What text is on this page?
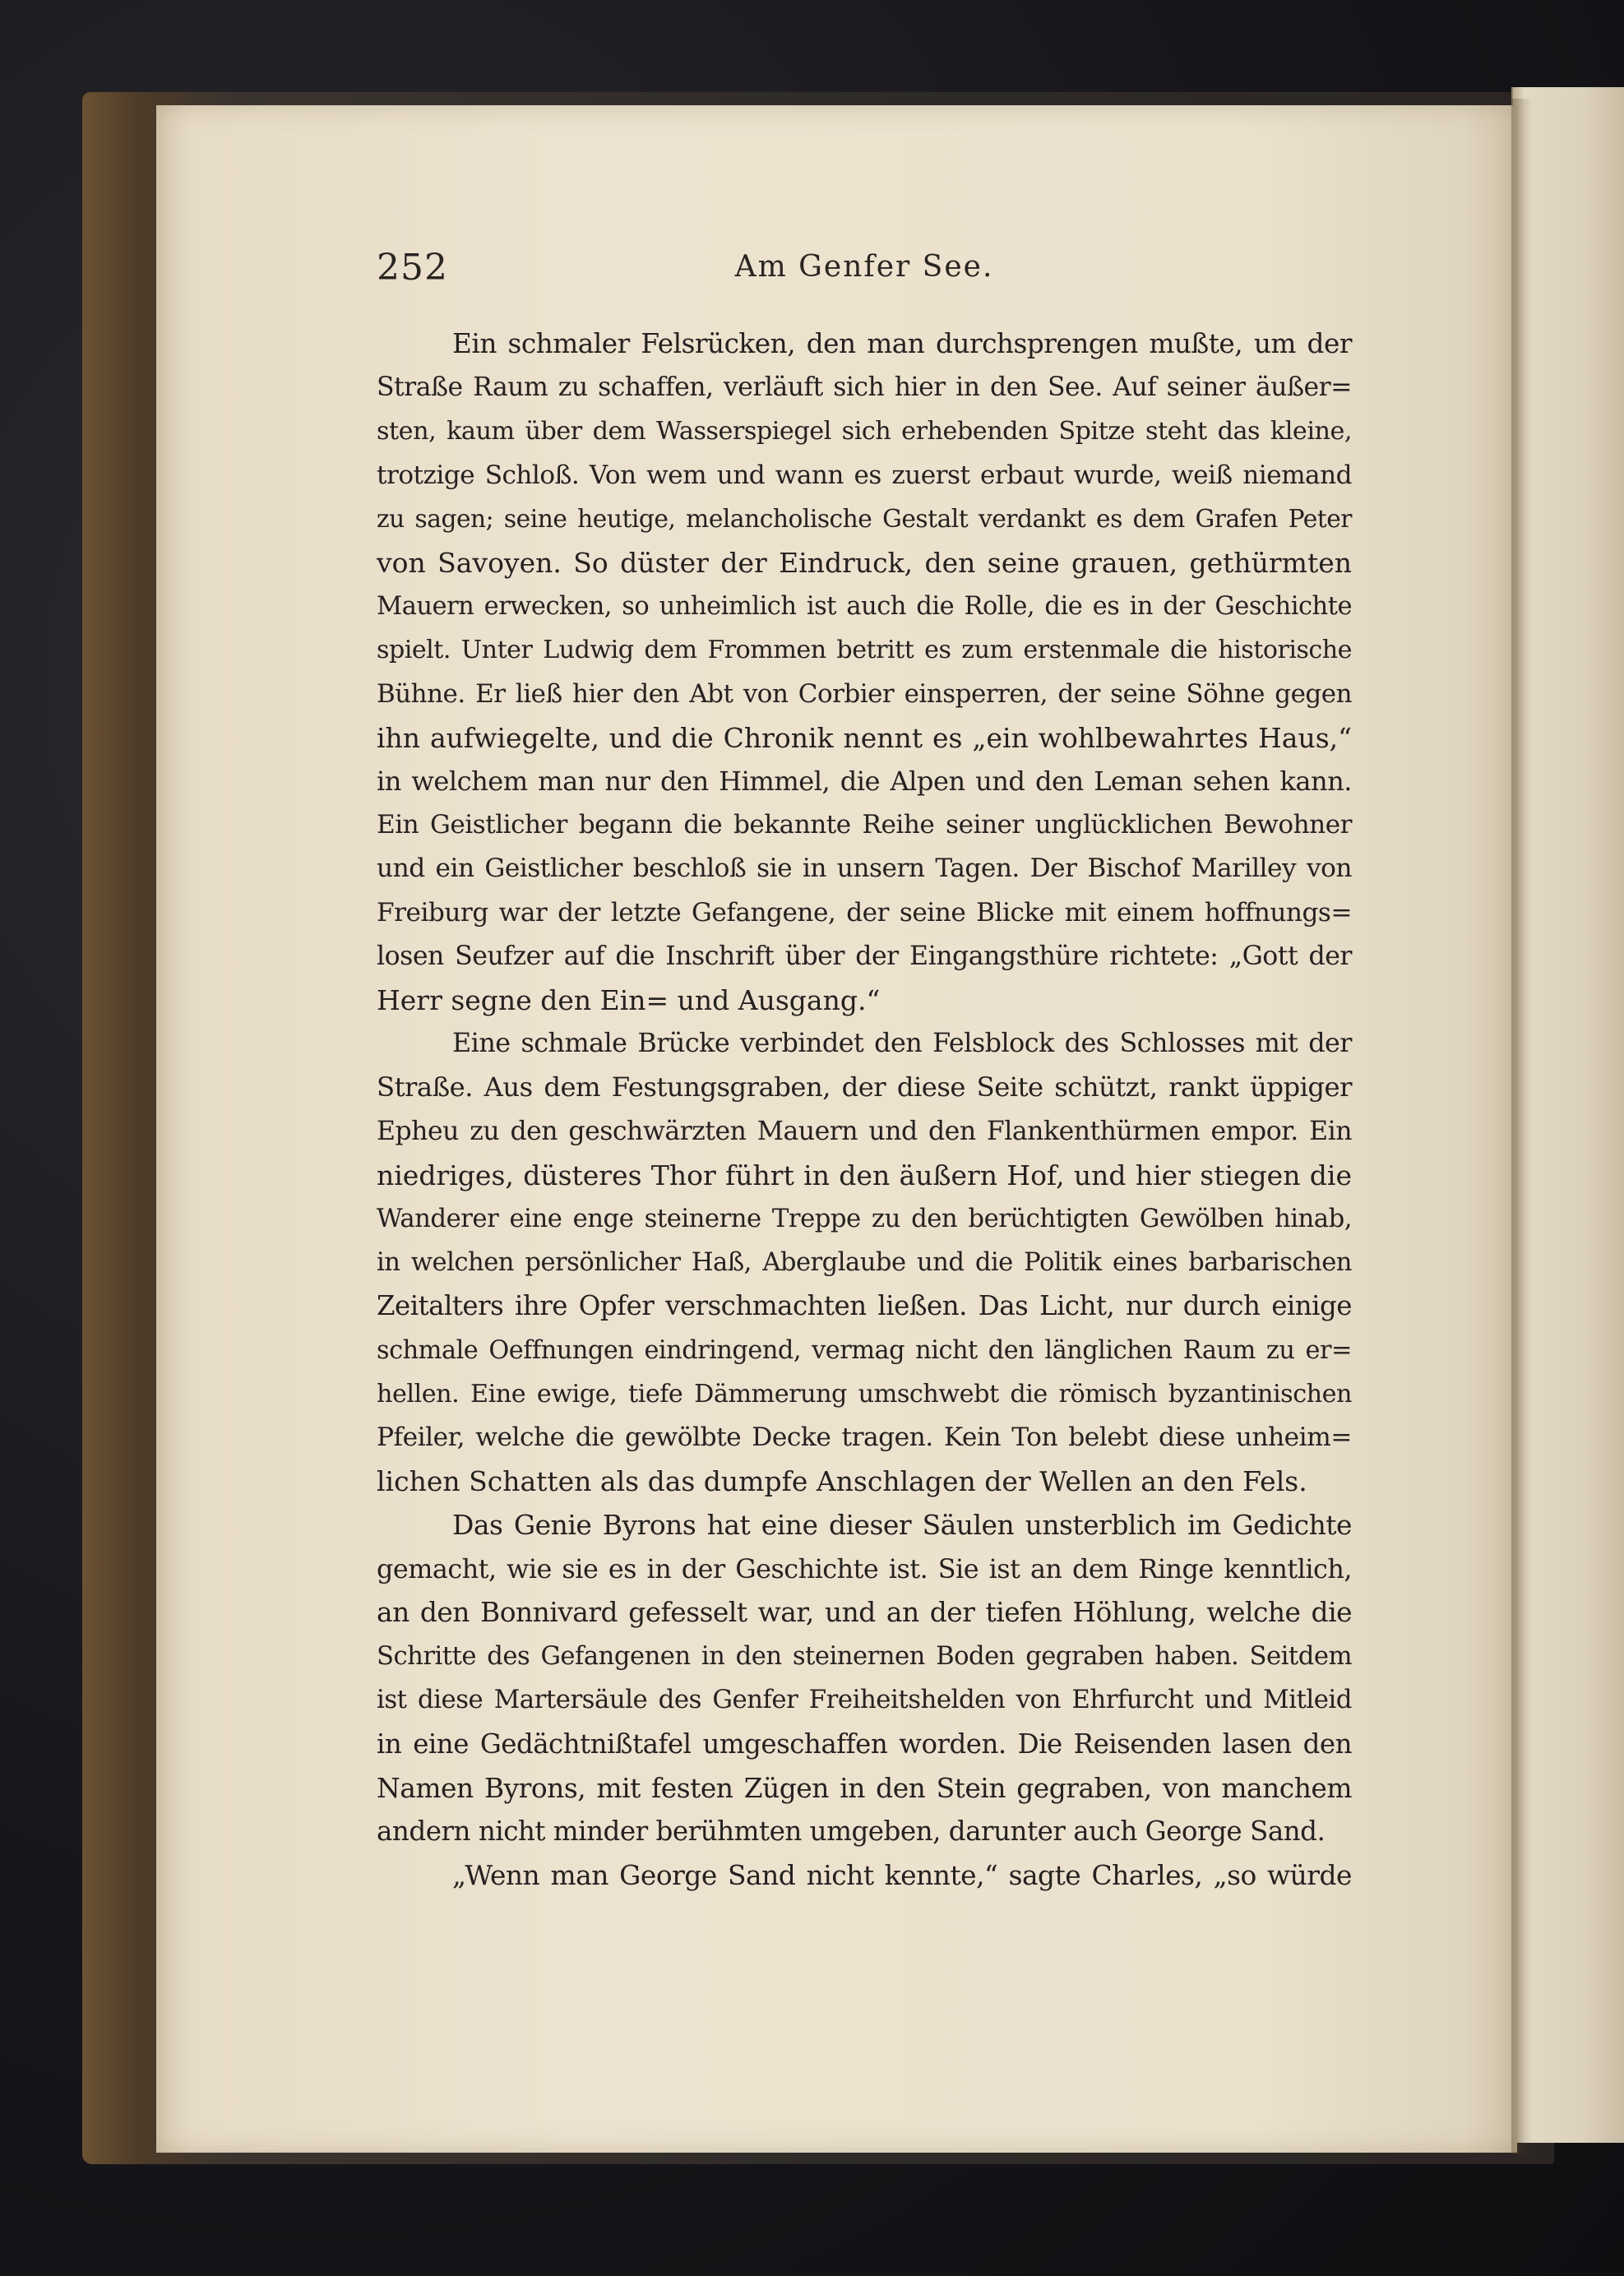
252	Am Genfer See.
Ein schmaler Felsrücken, den man durchsprengen mußte, um der
Straße Raum zu schaffen, verläuft sich hier in den See. Auf seiner äußer=
sten, kaum über dem Wasserspiegel sich erhebenden Spitze steht das kleine,
trotzige Schloß. Von wem und wann es zuerst erbaut wurde, weiß niemand
zu sagen; seine heutige, melancholische Gestalt verdankt es dem Grafen Peter
von Savoyen. So düster der Eindruck, den seine grauen, gethürmten
Mauern erwecken, so unheimlich ist auch die Rolle, die es in der Geschichte
spielt. Unter Ludwig dem Frommen betritt es zum erstenmale die historische
Bühne. Er ließ hier den Abt von Corbier einsperren, der seine Söhne gegen
ihn aufwiegelte, und die Chronik nennt es „ein wohlbewahrtes Haus,“
in welchem man nur den Himmel, die Alpen und den Leman sehen kann.
Ein Geistlicher begann die bekannte Reihe seiner unglücklichen Bewohner
und ein Geistlicher beschloß sie in unsern Tagen. Der Bischof Marilley von
Freiburg war der letzte Gefangene, der seine Blicke mit einem hoffnungs=
losen Seufzer auf die Inschrift über der Eingangsthüre richtete: „Gott der
Herr segne den Ein= und Ausgang.“
Eine schmale Brücke verbindet den Felsblock des Schlosses mit der
Straße. Aus dem Festungsgraben, der diese Seite schützt, rankt üppiger
Epheu zu den geschwärzten Mauern und den Flankenthürmen empor. Ein
niedriges, düsteres Thor führt in den äußern Hof, und hier stiegen die
Wanderer eine enge steinerne Treppe zu den berüchtigten Gewölben hinab,
in welchen persönlicher Haß, Aberglaube und die Politik eines barbarischen
Zeitalters ihre Opfer verschmachten ließen. Das Licht, nur durch einige
schmale Oeffnungen eindringend, vermag nicht den länglichen Raum zu er=
hellen. Eine ewige, tiefe Dämmerung umschwebt die römisch byzantinischen
Pfeiler, welche die gewölbte Decke tragen. Kein Ton belebt diese unheim=
lichen Schatten als das dumpfe Anschlagen der Wellen an den Fels.
Das Genie Byrons hat eine dieser Säulen unsterblich im Gedichte
gemacht, wie sie es in der Geschichte ist. Sie ist an dem Ringe kenntlich,
an den Bonnivard gefesselt war, und an der tiefen Höhlung, welche die
Schritte des Gefangenen in den steinernen Boden gegraben haben. Seitdem
ist diese Martersäule des Genfer Freiheitshelden von Ehrfurcht und Mitleid
in eine Gedächtnißtafel umgeschaffen worden. Die Reisenden lasen den
Namen Byrons, mit festen Zügen in den Stein gegraben, von manchem
andern nicht minder berühmten umgeben, darunter auch George Sand.
„Wenn man George Sand nicht kennte,“ sagte Charles, „so würde
